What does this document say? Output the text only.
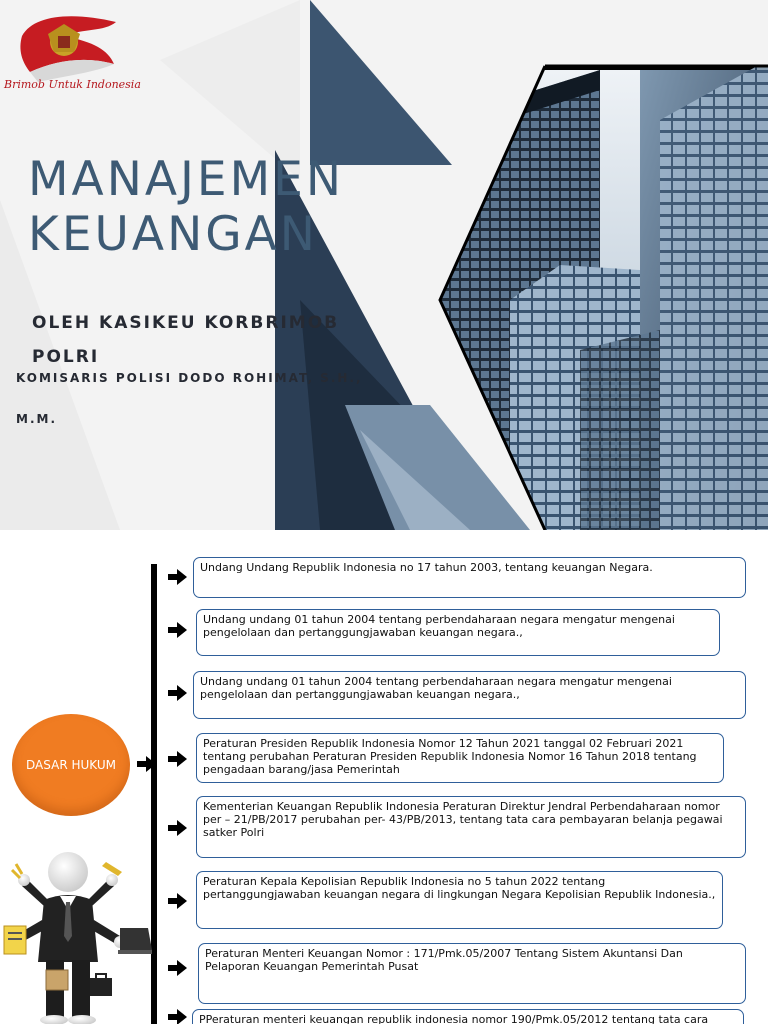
Brimob Untuk Indonesia
MANAJEMEN
KEUANGAN
OLEH KASIKEU KORBRIMOB POLRI
KOMISARIS POLISI DODO ROHIMAT, S.H., M.M.
DASAR HUKUM
Undang Undang Republik Indonesia no 17 tahun 2003, tentang keuangan Negara.
Undang undang 01 tahun 2004 tentang perbendaharaan negara mengatur mengenai pengelolaan dan pertanggungjawaban keuangan negara.,
Undang undang 01 tahun 2004 tentang perbendaharaan negara mengatur mengenai pengelolaan dan pertanggungjawaban keuangan negara.,
Peraturan Presiden Republik Indonesia Nomor 12 Tahun 2021 tanggal 02 Februari 2021 tentang perubahan Peraturan Presiden Republik Indonesia Nomor 16 Tahun 2018 tentang pengadaan barang/jasa Pemerintah
Kementerian Keuangan Republik Indonesia Peraturan Direktur Jendral Perbendaharaan nomor per – 21/PB/2017 perubahan per- 43/PB/2013, tentang tata cara pembayaran belanja pegawai satker Polri
Peraturan Kepala Kepolisian Republik Indonesia no 5 tahun 2022 tentang pertanggungjawaban keuangan negara di lingkungan Negara Kepolisian Republik Indonesia.,
Peraturan Menteri Keuangan Nomor : 171/Pmk.05/2007 Tentang Sistem Akuntansi Dan Pelaporan Keuangan Pemerintah Pusat
PPeraturan menteri keuangan republik indonesia nomor 190/Pmk.05/2012 tentang tata cara
